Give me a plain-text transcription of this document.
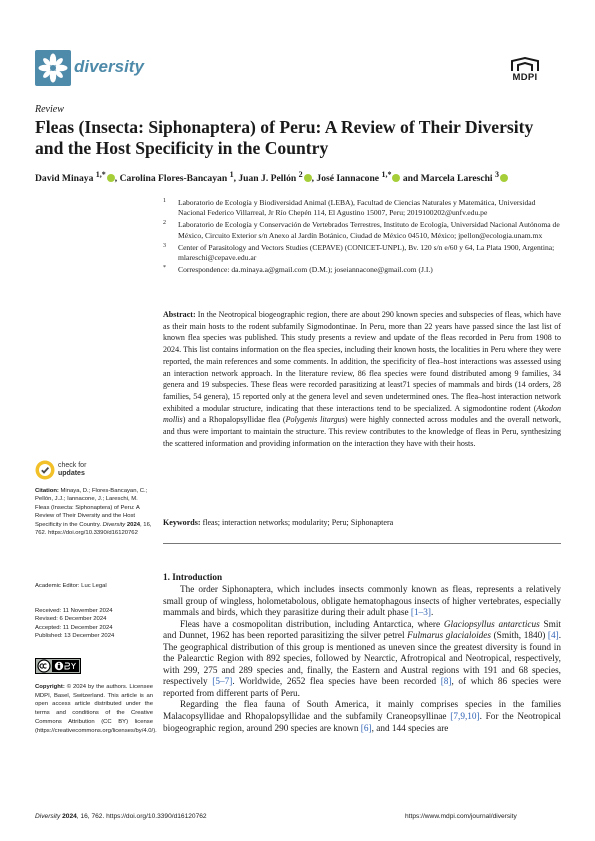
diversity
MDPI
Review
Fleas (Insecta: Siphonaptera) of Peru: A Review of Their Diversity and the Host Specificity in the Country
David Minaya $^{1,*}$ , Carolina Flores-Bancayan $^1$, Juan J. Pellón $^2$ , José Iannacone $^{1,*}$ and Marcela Lareschi $^3$
1 Laboratorio de Ecología y Biodiversidad Animal (LEBA), Facultad de Ciencias Naturales y Matemática, Universidad Nacional Federico Villarreal, Jr Río Chepén 114, El Agustino 15007, Peru; 2019100202@unfv.edu.pe
2 Laboratorio de Ecología y Conservación de Vertebrados Terrestres, Instituto de Ecología, Universidad Nacional Autónoma de México, Circuito Exterior s/n Anexo al Jardín Botánico, Ciudad de México 04510, México; jpellon@ecologia.unam.mx
3 Center of Parasitology and Vectors Studies (CEPAVE) (CONICET-UNPL), Bv. 120 s/n e/60 y 64, La Plata 1900, Argentina; mlareschi@cepave.edu.ar
* Correspondence: da.minaya.a@gmail.com (D.M.); joseiannacone@gmail.com (J.I.)
Abstract: In the Neotropical biogeographic region, there are about 290 known species and subspecies of fleas, which have as their main hosts to the rodent subfamily Sigmodontinae. In Peru, more than 22 years have passed since the last list of known flea species was published. This study presents a review and update of the fleas recorded in Peru from 1908 to 2024. This list contains information on the flea species, including their known hosts, the localities in Peru where they were reported, the main references and some comments. In addition, the specificity of flea–host interactions was assessed using an interaction network approach. In the literature review, 86 flea species were found distributed among 9 families, 34 genera and 19 subspecies. These fleas were recorded parasitizing at least71 species of mammals and birds (14 orders, 28 families, 54 genera), 15 reported only at the genera level and seven undetermined ones. The flea–host interaction network exhibited a modular structure, indicating that these interactions tend to be specialized. A sigmodontine rodent (Akodon mollis) and a Rhopalopsyllidae flea (Polygenis litargus) were highly connected across modules and the overall network, and thus were important to maintain the structure. This review contributes to the knowledge of fleas in Peru, synthesizing the scattered information and providing information on the interaction they have with their hosts.
Keywords: fleas; interaction networks; modularity; Peru; Siphonaptera
check for
updates
Citation: Minaya, D.; Flores-Bancayan, C.; Pellón, J.J.; Iannacone, J.; Lareschi, M. Fleas (Insecta: Siphonaptera) of Peru: A Review of Their Diversity and the Host Specificity in the Country. Diversity 2024, 16, 762. https://doi.org/10.3390/d16120762
Academic Editor: Luc Legal
Received: 11 November 2024
Revised: 6 December 2024
Accepted: 11 December 2024
Published: 13 December 2024
Copyright: © 2024 by the authors. Licensee MDPI, Basel, Switzerland. This article is an open access article distributed under the terms and conditions of the Creative Commons Attribution (CC BY) license (https://creativecommons.org/licenses/by/4.0/).
1. Introduction

The order Siphonaptera, which includes insects commonly known as fleas, represents a relatively small group of wingless, holometabolous, obligate hematophagous insects of higher vertebrates, especially mammals and birds, which they parasitize during their adult phase [1–3].

Fleas have a cosmopolitan distribution, including Antarctica, where Glaciopsyllus antarcticus Smit and Dunnet, 1962 has been reported parasitizing the silver petrel Fulmarus glacialoides (Smith, 1840) [4]. The geographical distribution of this group is mentioned as uneven since the greatest diversity is found in the Palearctic Region with 892 species, followed by Nearctic, Afrotropical and Neotropical, respectively, with 299, 275 and 289 species and, finally, the Eastern and Austral regions with 191 and 68 species, respectively [5–7]. Worldwide, 2652 flea species have been recorded [8], of which 86 species were reported from different parts of Peru.

Regarding the flea fauna of South America, it mainly comprises species in the families Malacopsyllidae and Rhopalopsyllidae and the subfamily Craneopsyllinae [7,9,10]. For the Neotropical biogeographic region, around 290 species are known [6], and 144 species are

Diversity 2024, 16, 762. https://doi.org/10.3390/d16120762	https://www.mdpi.com/journal/diversity
